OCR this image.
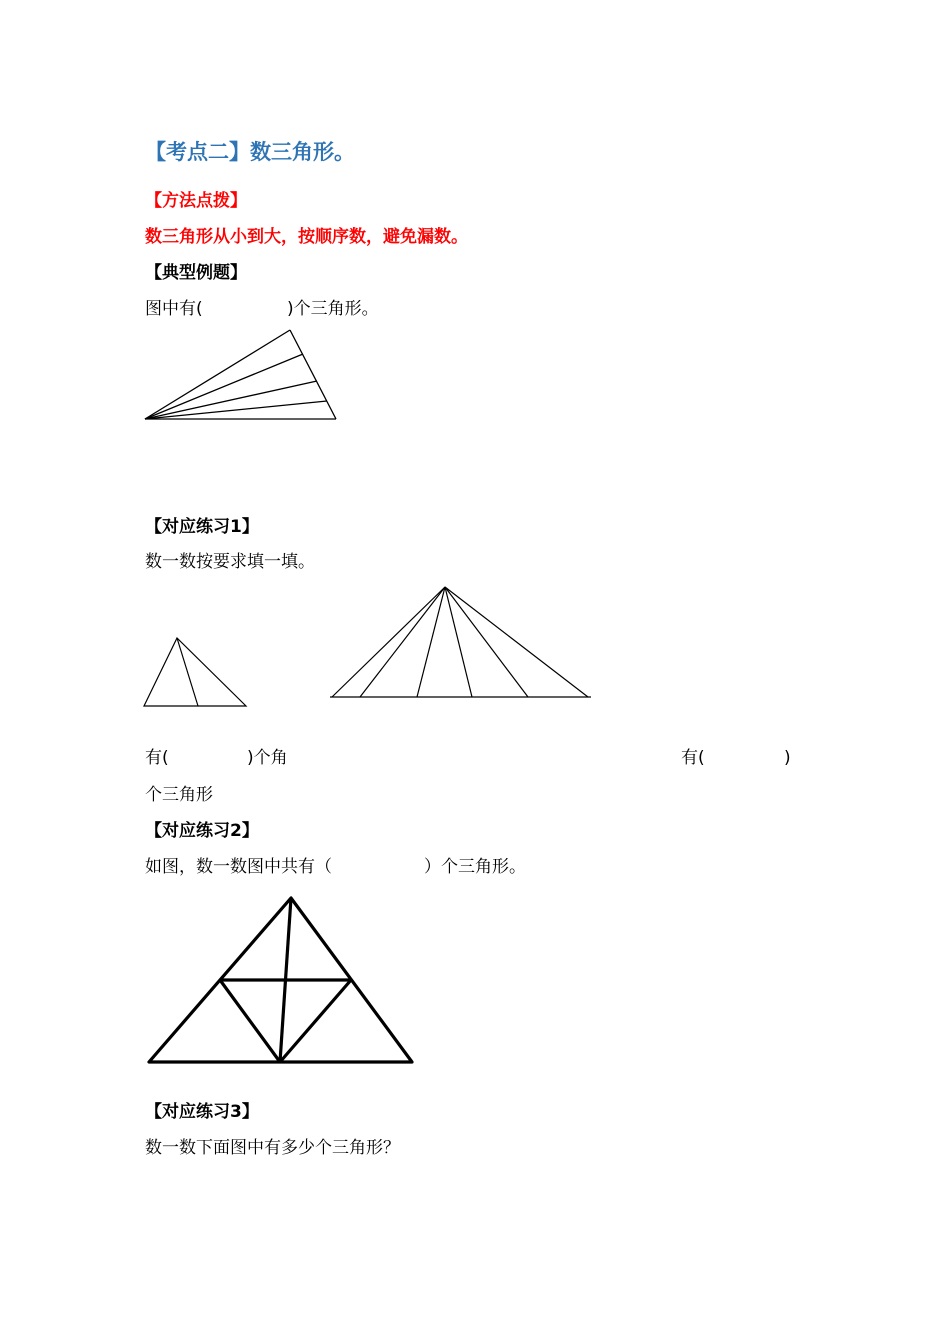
【考点二】数三角形。
【方法点拨】
数三角形从小到大，按顺序数，避免漏数。
【典型例题】
图中有(	)个三角形。
【对应练习1】
数一数按要求填一填。
有(	)个角	有(	)
个三角形
【对应练习2】
如图，数一数图中共有（	）个三角形。
【对应练习3】
数一数下面图中有多少个三角形？
